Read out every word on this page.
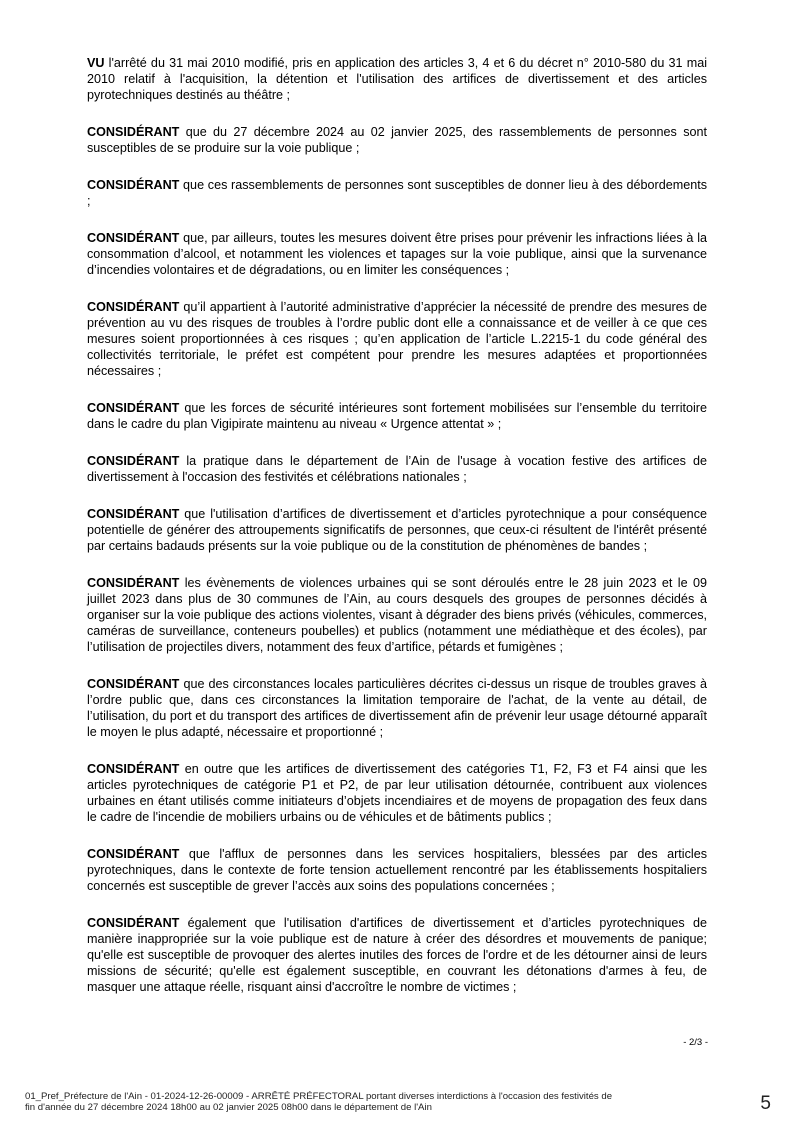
VU l'arrêté du 31 mai 2010 modifié, pris en application des articles 3, 4 et 6 du décret n° 2010-580 du 31 mai 2010 relatif à l'acquisition, la détention et l'utilisation des artifices de divertissement et des articles pyrotechniques destinés au théâtre ;

CONSIDÉRANT que du 27 décembre 2024 au 02 janvier 2025, des rassemblements de personnes sont susceptibles de se produire sur la voie publique ;

CONSIDÉRANT que ces rassemblements de personnes sont susceptibles de donner lieu à des débordements ;

CONSIDÉRANT que, par ailleurs, toutes les mesures doivent être prises pour prévenir les infractions liées à la consommation d’alcool, et notamment les violences et tapages sur la voie publique, ainsi que la survenance d’incendies volontaires et de dégradations, ou en limiter les conséquences ;

CONSIDÉRANT qu’il appartient à l’autorité administrative d’apprécier la nécessité de prendre des mesures de prévention au vu des risques de troubles à l’ordre public dont elle a connaissance et de veiller à ce que ces mesures soient proportionnées à ces risques ; qu’en application de l’article L.2215-1 du code général des collectivités territoriale, le préfet est compétent pour prendre les mesures adaptées et proportionnées nécessaires ;

CONSIDÉRANT que les forces de sécurité intérieures sont fortement mobilisées sur l’ensemble du territoire dans le cadre du plan Vigipirate maintenu au niveau « Urgence attentat » ;

CONSIDÉRANT la pratique dans le département de l’Ain de l'usage à vocation festive des artifices de divertissement à l'occasion des festivités et célébrations nationales ;

CONSIDÉRANT que l'utilisation d’artifices de divertissement et d’articles pyrotechnique a pour conséquence potentielle de générer des attroupements significatifs de personnes, que ceux-ci résultent de l'intérêt présenté par certains badauds présents sur la voie publique ou de la constitution de phénomènes de bandes ;

CONSIDÉRANT les évènements de violences urbaines qui se sont déroulés entre le 28 juin 2023 et le 09 juillet 2023 dans plus de 30 communes de l’Ain, au cours desquels des groupes de personnes décidés à organiser sur la voie publique des actions violentes, visant à dégrader des biens privés (véhicules, commerces, caméras de surveillance, conteneurs poubelles) et publics (notamment une médiathèque et des écoles), par l’utilisation de projectiles divers, notamment des feux d’artifice, pétards et fumigènes ;

CONSIDÉRANT que des circonstances locales particulières décrites ci-dessus un risque de troubles graves à l’ordre public que, dans ces circonstances la limitation temporaire de l'achat, de la vente au détail, de l’utilisation, du port et du transport des artifices de divertissement afin de prévenir leur usage détourné apparaît le moyen le plus adapté, nécessaire et proportionné ;

CONSIDÉRANT en outre que les artifices de divertissement des catégories T1, F2, F3 et F4 ainsi que les articles pyrotechniques de catégorie P1 et P2, de par leur utilisation détournée, contribuent aux violences urbaines en étant utilisés comme initiateurs d’objets incendiaires et de moyens de propagation des feux dans le cadre de l'incendie de mobiliers urbains ou de véhicules et de bâtiments publics ;

CONSIDÉRANT que l'afflux de personnes dans les services hospitaliers, blessées par des articles pyrotechniques, dans le contexte de forte tension actuellement rencontré par les établissements hospitaliers concernés est susceptible de grever l’accès aux soins des populations concernées ;

CONSIDÉRANT également que l'utilisation d'artifices de divertissement et d’articles pyrotechniques de manière inappropriée sur la voie publique est de nature à créer des désordres et mouvements de panique; qu'elle est susceptible de provoquer des alertes inutiles des forces de l'ordre et de les détourner ainsi de leurs missions de sécurité; qu'elle est également susceptible, en couvrant les détonations d'armes à feu, de masquer une attaque réelle, risquant ainsi d'accroître le nombre de victimes ;

- 2/3 -
01_Pref_Préfecture de l'Ain - 01-2024-12-26-00009 - ARRÊTÉ PRÉFECTORAL portant diverses interdictions à l'occasion des festivités de
fin d'année du 27 décembre 2024 18h00 au 02 janvier 2025 08h00 dans le département de l'Ain	5
